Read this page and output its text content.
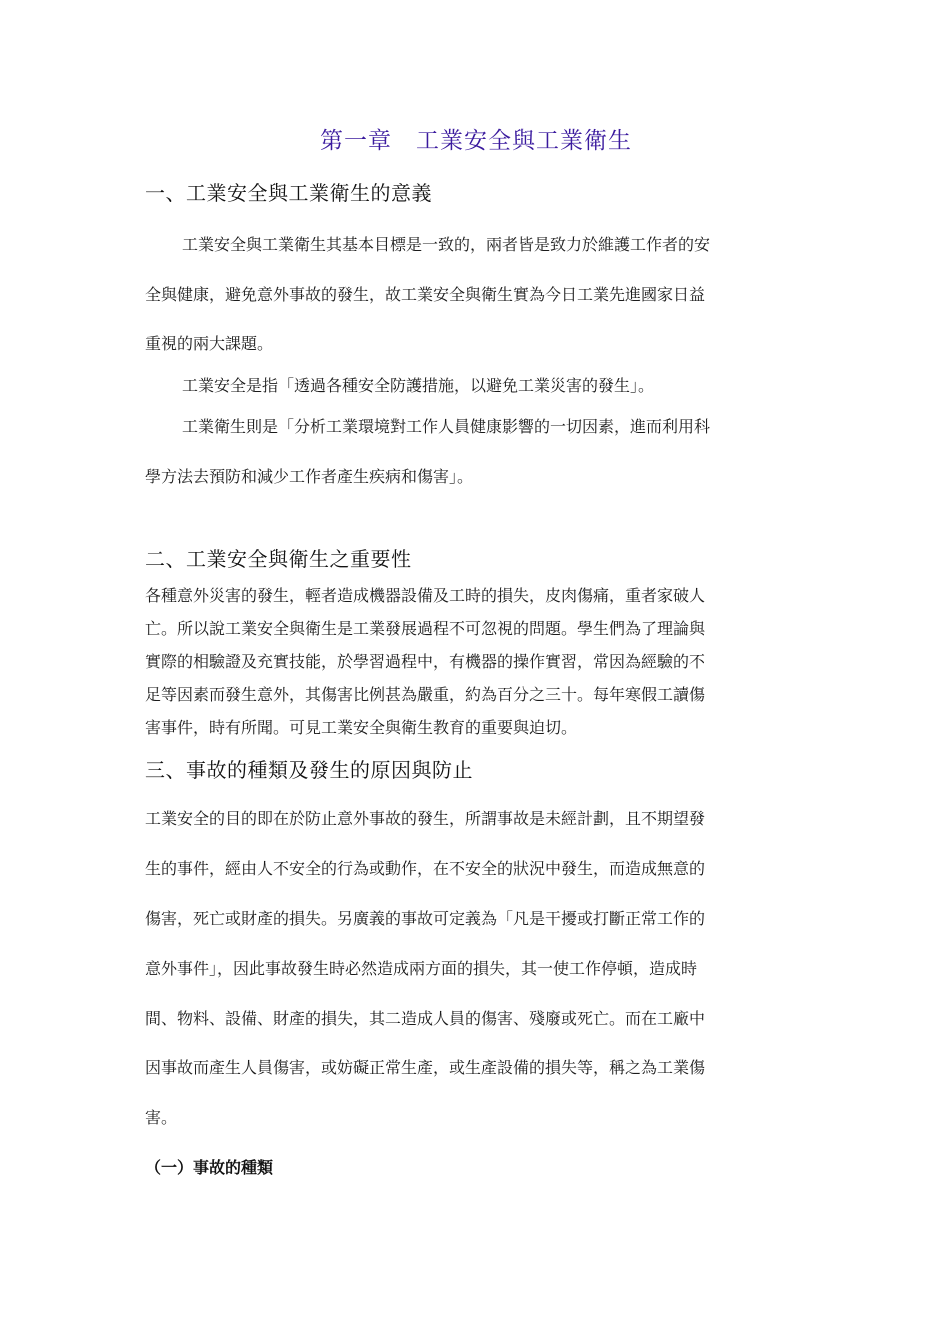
第一章　工業安全與工業衛生
一、工業安全與工業衛生的意義
工業安全與工業衛生其基本目標是一致的，兩者皆是致力於維護工作者的安
全與健康，避免意外事故的發生，故工業安全與衛生實為今日工業先進國家日益
重視的兩大課題。
工業安全是指「透過各種安全防護措施，以避免工業災害的發生」。
工業衛生則是「分析工業環境對工作人員健康影響的一切因素，進而利用科
學方法去預防和減少工作者產生疾病和傷害」。
二、工業安全與衛生之重要性
各種意外災害的發生，輕者造成機器設備及工時的損失，皮肉傷痛，重者家破人
亡。所以說工業安全與衛生是工業發展過程不可忽視的問題。學生們為了理論與
實際的相驗證及充實技能，於學習過程中，有機器的操作實習，常因為經驗的不
足等因素而發生意外，其傷害比例甚為嚴重，約為百分之三十。每年寒假工讀傷
害事件，時有所聞。可見工業安全與衛生教育的重要與迫切。
三、事故的種類及發生的原因與防止
工業安全的目的即在於防止意外事故的發生，所謂事故是未經計劃，且不期望發
生的事件，經由人不安全的行為或動作，在不安全的狀況中發生，而造成無意的
傷害，死亡或財產的損失。另廣義的事故可定義為「凡是干擾或打斷正常工作的
意外事件」，因此事故發生時必然造成兩方面的損失，其一使工作停頓，造成時
間、物料、設備、財產的損失，其二造成人員的傷害、殘廢或死亡。而在工廠中
因事故而產生人員傷害，或妨礙正常生產，或生產設備的損失等，稱之為工業傷
害。
（一）事故的種類
